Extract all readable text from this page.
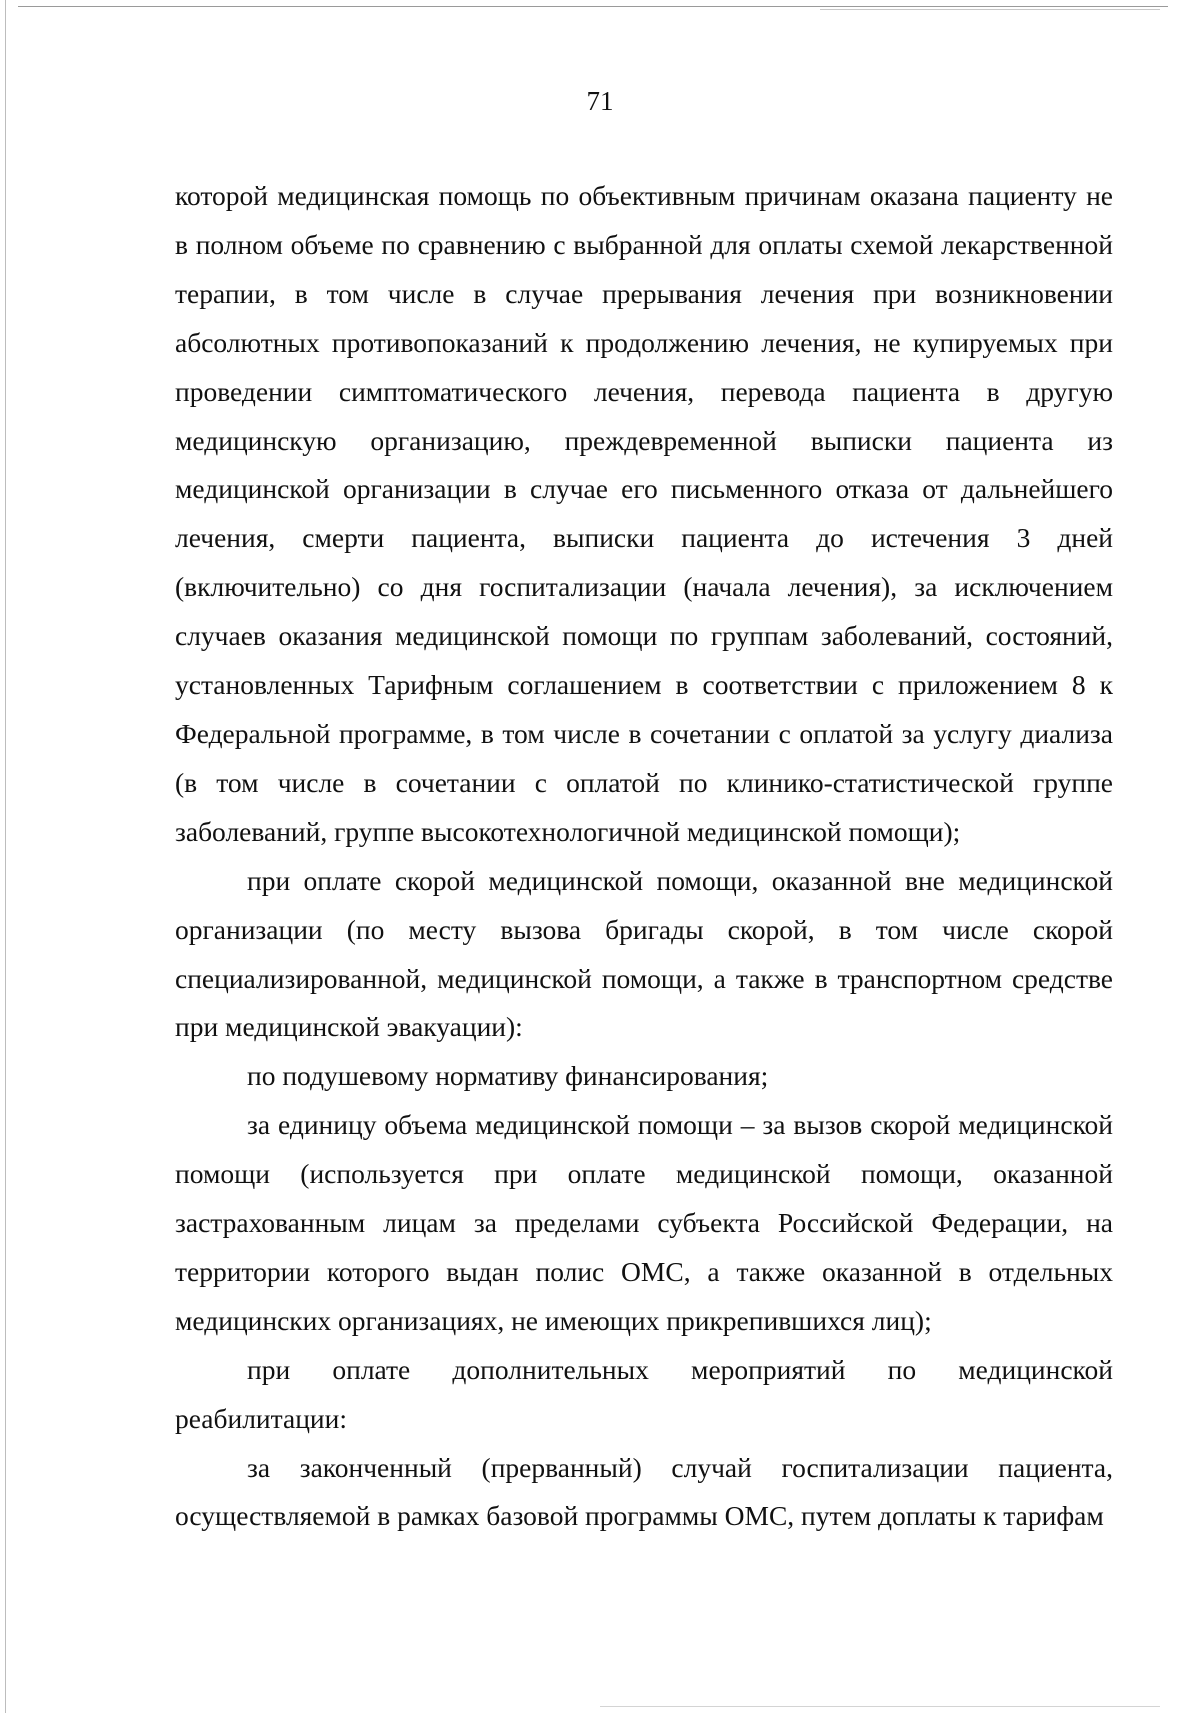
71
которой медицинская помощь по объективным причинам оказана пациенту не
в полном объеме по сравнению с выбранной для оплаты схемой лекарственной
терапии, в том числе в случае прерывания лечения при возникновении
абсолютных противопоказаний к продолжению лечения, не купируемых при
проведении симптоматического лечения, перевода пациента в другую
медицинскую организацию, преждевременной выписки пациента из
медицинской организации в случае его письменного отказа от дальнейшего
лечения, смерти пациента, выписки пациента до истечения 3 дней
(включительно) со дня госпитализации (начала лечения), за исключением
случаев оказания медицинской помощи по группам заболеваний, состояний,
установленных Тарифным соглашением в соответствии с приложением 8 к
Федеральной программе, в том числе в сочетании с оплатой за услугу диализа
(в том числе в сочетании с оплатой по клинико-статистической группе
заболеваний, группе высокотехнологичной медицинской помощи);
при оплате скорой медицинской помощи, оказанной вне медицинской
организации (по месту вызова бригады скорой, в том числе скорой
специализированной, медицинской помощи, а также в транспортном средстве
при медицинской эвакуации):
по подушевому нормативу финансирования;
за единицу объема медицинской помощи – за вызов скорой медицинской
помощи (используется при оплате медицинской помощи, оказанной
застрахованным лицам за пределами субъекта Российской Федерации, на
территории которого выдан полис ОМС, а также оказанной в отдельных
медицинских организациях, не имеющих прикрепившихся лиц);
при оплате дополнительных мероприятий по медицинской
реабилитации:
за законченный (прерванный) случай госпитализации пациента,
осуществляемой в рамках базовой программы ОМС, путем доплаты к тарифам
